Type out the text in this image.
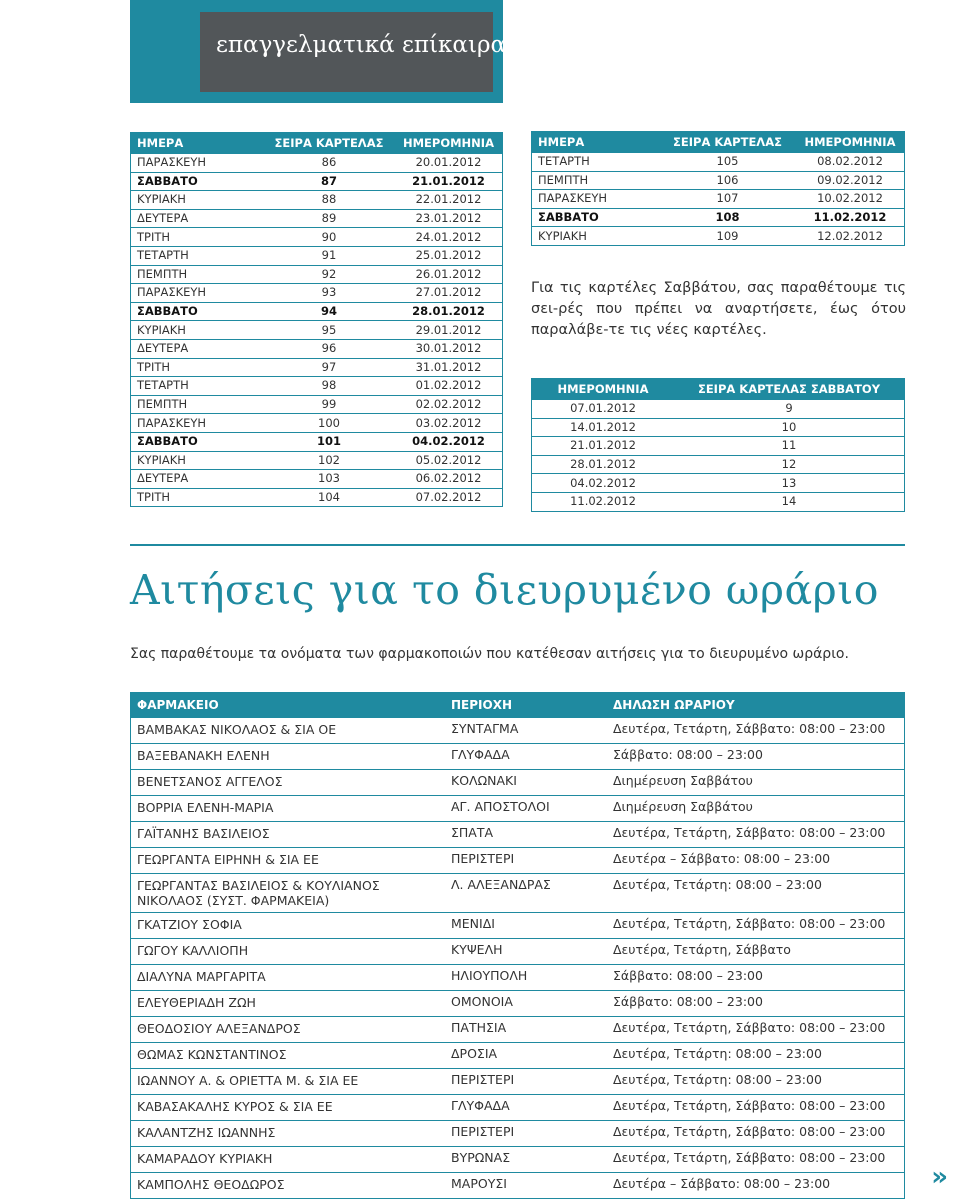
επαγγελματικά επίκαιρα
ΗΜΕΡΑ	ΣΕΙΡΑ ΚΑΡΤΕΛΑΣ	ΗΜΕΡΟΜΗΝΙΑ
ΠΑΡΑΣΚΕΥΗ	86	20.01.2012
ΣΑΒΒΑΤΟ	87	21.01.2012
ΚΥΡΙΑΚΗ	88	22.01.2012
ΔΕΥΤΕΡΑ	89	23.01.2012
ΤΡΙΤΗ	90	24.01.2012
ΤΕΤΑΡΤΗ	91	25.01.2012
ΠΕΜΠΤΗ	92	26.01.2012
ΠΑΡΑΣΚΕΥΗ	93	27.01.2012
ΣΑΒΒΑΤΟ	94	28.01.2012
ΚΥΡΙΑΚΗ	95	29.01.2012
ΔΕΥΤΕΡΑ	96	30.01.2012
ΤΡΙΤΗ	97	31.01.2012
ΤΕΤΑΡΤΗ	98	01.02.2012
ΠΕΜΠΤΗ	99	02.02.2012
ΠΑΡΑΣΚΕΥΗ	100	03.02.2012
ΣΑΒΒΑΤΟ	101	04.02.2012
ΚΥΡΙΑΚΗ	102	05.02.2012
ΔΕΥΤΕΡΑ	103	06.02.2012
ΤΡΙΤΗ	104	07.02.2012
ΗΜΕΡΑ	ΣΕΙΡΑ ΚΑΡΤΕΛΑΣ	ΗΜΕΡΟΜΗΝΙΑ
ΤΕΤΑΡΤΗ	105	08.02.2012
ΠΕΜΠΤΗ	106	09.02.2012
ΠΑΡΑΣΚΕΥΗ	107	10.02.2012
ΣΑΒΒΑΤΟ	108	11.02.2012
ΚΥΡΙΑΚΗ	109	12.02.2012
Για τις καρτέλες Σαββάτου, σας παραθέτουμε τις σει-ρές που πρέπει να αναρτήσετε, έως ότου παραλάβε-τε τις νέες καρτέλες.
ΗΜΕΡΟΜΗΝΙΑ	ΣΕΙΡΑ ΚΑΡΤΕΛΑΣ ΣΑΒΒΑΤΟΥ
07.01.2012	9
14.01.2012	10
21.01.2012	11
28.01.2012	12
04.02.2012	13
11.02.2012	14
Αιτήσεις για το διευρυμένο ωράριο
Σας παραθέτουμε τα ονόματα των φαρμακοποιών που κατέθεσαν αιτήσεις για το διευρυμένο ωράριο.
ΦΑΡΜΑΚΕΙΟ	ΠΕΡΙΟΧΗ	ΔΗΛΩΣΗ ΩΡΑΡΙΟΥ
ΒΑΜΒΑΚΑΣ ΝΙΚΟΛΑΟΣ & ΣΙΑ ΟΕ	ΣΥΝΤΑΓΜΑ	Δευτέρα, Τετάρτη, Σάββατο: 08:00 – 23:00
ΒΑΞΕΒΑΝΑΚΗ ΕΛΕΝΗ	ΓΛΥΦΑΔΑ	Σάββατο: 08:00 – 23:00
ΒΕΝΕΤΣΑΝΟΣ ΑΓΓΕΛΟΣ	ΚΟΛΩΝΑΚΙ	Διημέρευση Σαββάτου
ΒΟΡΡΙΑ ΕΛΕΝΗ-ΜΑΡΙΑ	ΑΓ. ΑΠΟΣΤΟΛΟΙ	Διημέρευση Σαββάτου
ΓΑΪΤΑΝΗΣ ΒΑΣΙΛΕΙΟΣ	ΣΠΑΤΑ	Δευτέρα, Τετάρτη, Σάββατο: 08:00 – 23:00
ΓΕΩΡΓΑΝΤΑ ΕΙΡΗΝΗ & ΣΙΑ ΕΕ	ΠΕΡΙΣΤΕΡΙ	Δευτέρα – Σάββατο: 08:00 – 23:00
ΓΕΩΡΓΑΝΤΑΣ ΒΑΣΙΛΕΙΟΣ & ΚΟΥΛΙΑΝΟΣ ΝΙΚΟΛΑΟΣ (ΣΥΣΤ. ΦΑΡΜΑΚΕΙΑ)	Λ. ΑΛΕΞΑΝΔΡΑΣ	Δευτέρα, Τετάρτη: 08:00 – 23:00
ΓΚΑΤΖΙΟΥ ΣΟΦΙΑ	ΜΕΝΙΔΙ	Δευτέρα, Τετάρτη, Σάββατο: 08:00 – 23:00
ΓΩΓΟΥ ΚΑΛΛΙΟΠΗ	ΚΥΨΕΛΗ	Δευτέρα, Τετάρτη, Σάββατο
ΔΙΑΛΥΝΑ ΜΑΡΓΑΡΙΤΑ	ΗΛΙΟΥΠΟΛΗ	Σάββατο: 08:00 – 23:00
ΕΛΕΥΘΕΡΙΑΔΗ ΖΩΗ	ΟΜΟΝΟΙΑ	Σάββατο: 08:00 – 23:00
ΘΕΟΔΟΣΙΟΥ ΑΛΕΞΑΝΔΡΟΣ	ΠΑΤΗΣΙΑ	Δευτέρα, Τετάρτη, Σάββατο: 08:00 – 23:00
ΘΩΜΑΣ ΚΩΝΣΤΑΝΤΙΝΟΣ	ΔΡΟΣΙΑ	Δευτέρα, Τετάρτη: 08:00 – 23:00
ΙΩΑΝΝΟΥ Α. & ΟΡΙΕΤΤΑ Μ. & ΣΙΑ ΕΕ	ΠΕΡΙΣΤΕΡΙ	Δευτέρα, Τετάρτη: 08:00 – 23:00
ΚΑΒΑΣΑΚΑΛΗΣ ΚΥΡΟΣ & ΣΙΑ ΕΕ	ΓΛΥΦΑΔΑ	Δευτέρα, Τετάρτη, Σάββατο: 08:00 – 23:00
ΚΑΛΑΝΤΖΗΣ ΙΩΑΝΝΗΣ	ΠΕΡΙΣΤΕΡΙ	Δευτέρα, Τετάρτη, Σάββατο: 08:00 – 23:00
ΚΑΜΑΡΑΔΟΥ ΚΥΡΙΑΚΗ	ΒΥΡΩΝΑΣ	Δευτέρα, Τετάρτη, Σάββατο: 08:00 – 23:00
ΚΑΜΠΟΛΗΣ ΘΕΟΔΩΡΟΣ	ΜΑΡΟΥΣΙ	Δευτέρα – Σάββατο: 08:00 – 23:00	»
